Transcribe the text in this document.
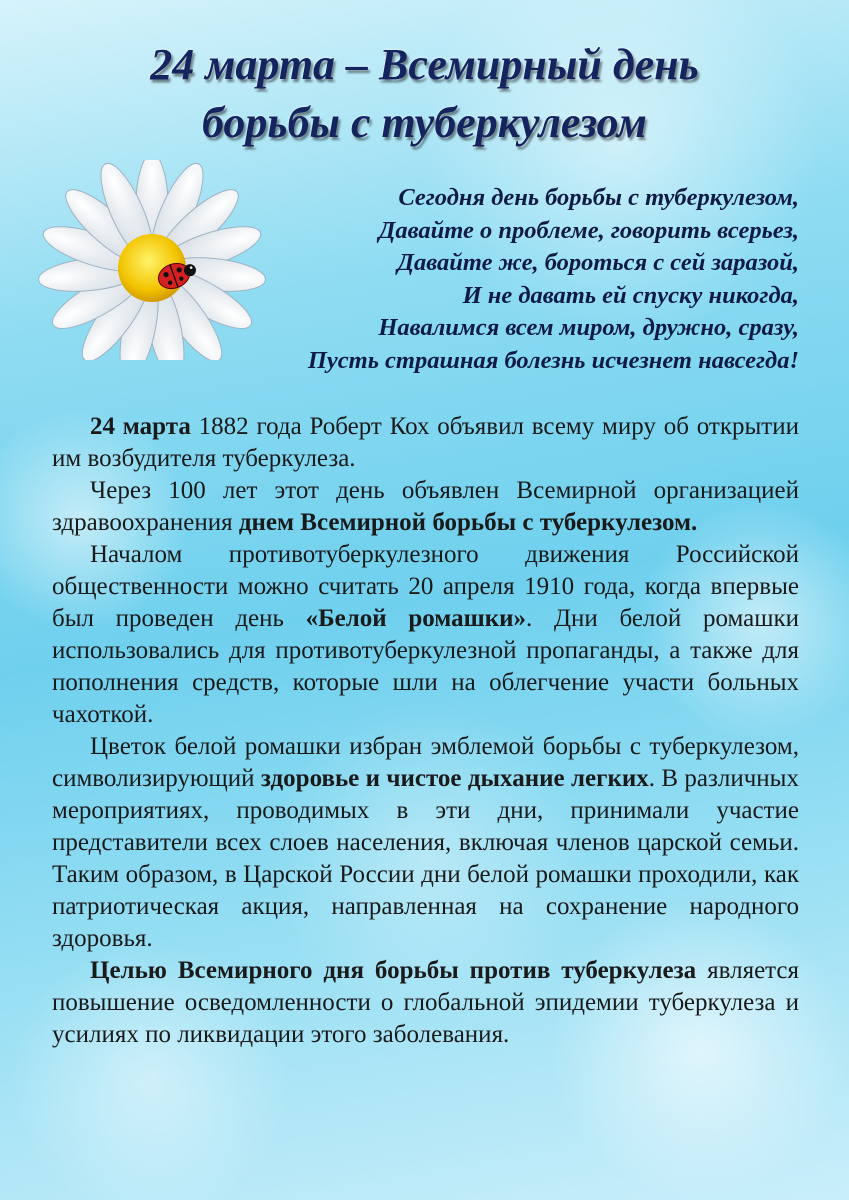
24 марта – Всемирный день
борьбы с туберкулезом
Сегодня день борьбы с туберкулезом,
Давайте о проблеме, говорить всерьез,
Давайте же, бороться с сей заразой,
И не давать ей спуску никогда,
Навалимся всем миром, дружно, сразу,
Пусть страшная болезнь исчезнет навсегда!

24 марта 1882 года Роберт Кох объявил всему миру об открытии им возбудителя туберкулеза.

Через 100 лет этот день объявлен Всемирной организацией здравоохранения днем Всемирной борьбы с туберкулезом.

Началом противотуберкулезного движения Российской общественности можно считать 20 апреля 1910 года, когда впервые был проведен день «Белой ромашки». Дни белой ромашки использовались для противотуберкулезной пропаганды, а также для пополнения средств, которые шли на облегчение участи больных чахоткой.

Цветок белой ромашки избран эмблемой борьбы с туберкулезом, символизирующий здоровье и чистое дыхание легких. В различных мероприятиях, проводимых в эти дни, принимали участие представители всех слоев населения, включая членов царской семьи. Таким образом, в Царской России дни белой ромашки проходили, как патриотическая акция, направленная на сохранение народного здоровья.

Целью Всемирного дня борьбы против туберкулеза является повышение осведомленности о глобальной эпидемии туберкулеза и усилиях по ликвидации этого заболевания.
